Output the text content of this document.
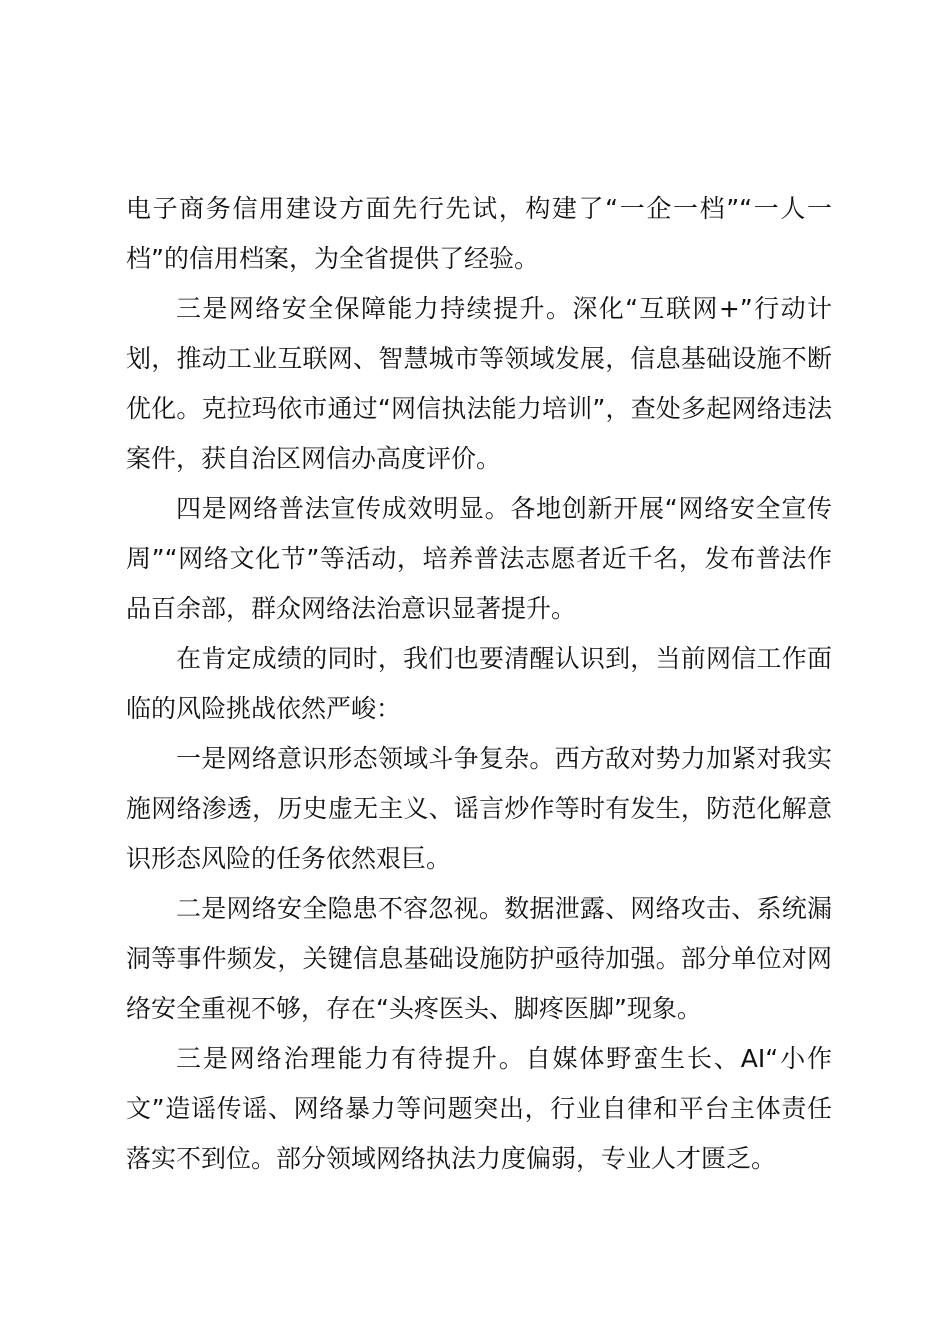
电子商务信用建设方面先行先试，构建了“一企一档”“一人一档”的信用档案，为全省提供了经验。

三是网络安全保障能力持续提升。深化“互联网+”行动计划，推动工业互联网、智慧城市等领域发展，信息基础设施不断优化。克拉玛依市通过“网信执法能力培训”，查处多起网络违法案件，获自治区网信办高度评价。

四是网络普法宣传成效明显。各地创新开展“网络安全宣传周”“网络文化节”等活动，培养普法志愿者近千名，发布普法作品百余部，群众网络法治意识显著提升。

在肯定成绩的同时，我们也要清醒认识到，当前网信工作面临的风险挑战依然严峻：

一是网络意识形态领域斗争复杂。西方敌对势力加紧对我实施网络渗透，历史虚无主义、谣言炒作等时有发生，防范化解意识形态风险的任务依然艰巨。

二是网络安全隐患不容忽视。数据泄露、网络攻击、系统漏洞等事件频发，关键信息基础设施防护亟待加强。部分单位对网络安全重视不够，存在“头疼医头、脚疼医脚”现象。

三是网络治理能力有待提升。自媒体野蛮生长、AI“小作文”造谣传谣、网络暴力等问题突出，行业自律和平台主体责任落实不到位。部分领域网络执法力度偏弱，专业人才匮乏。
